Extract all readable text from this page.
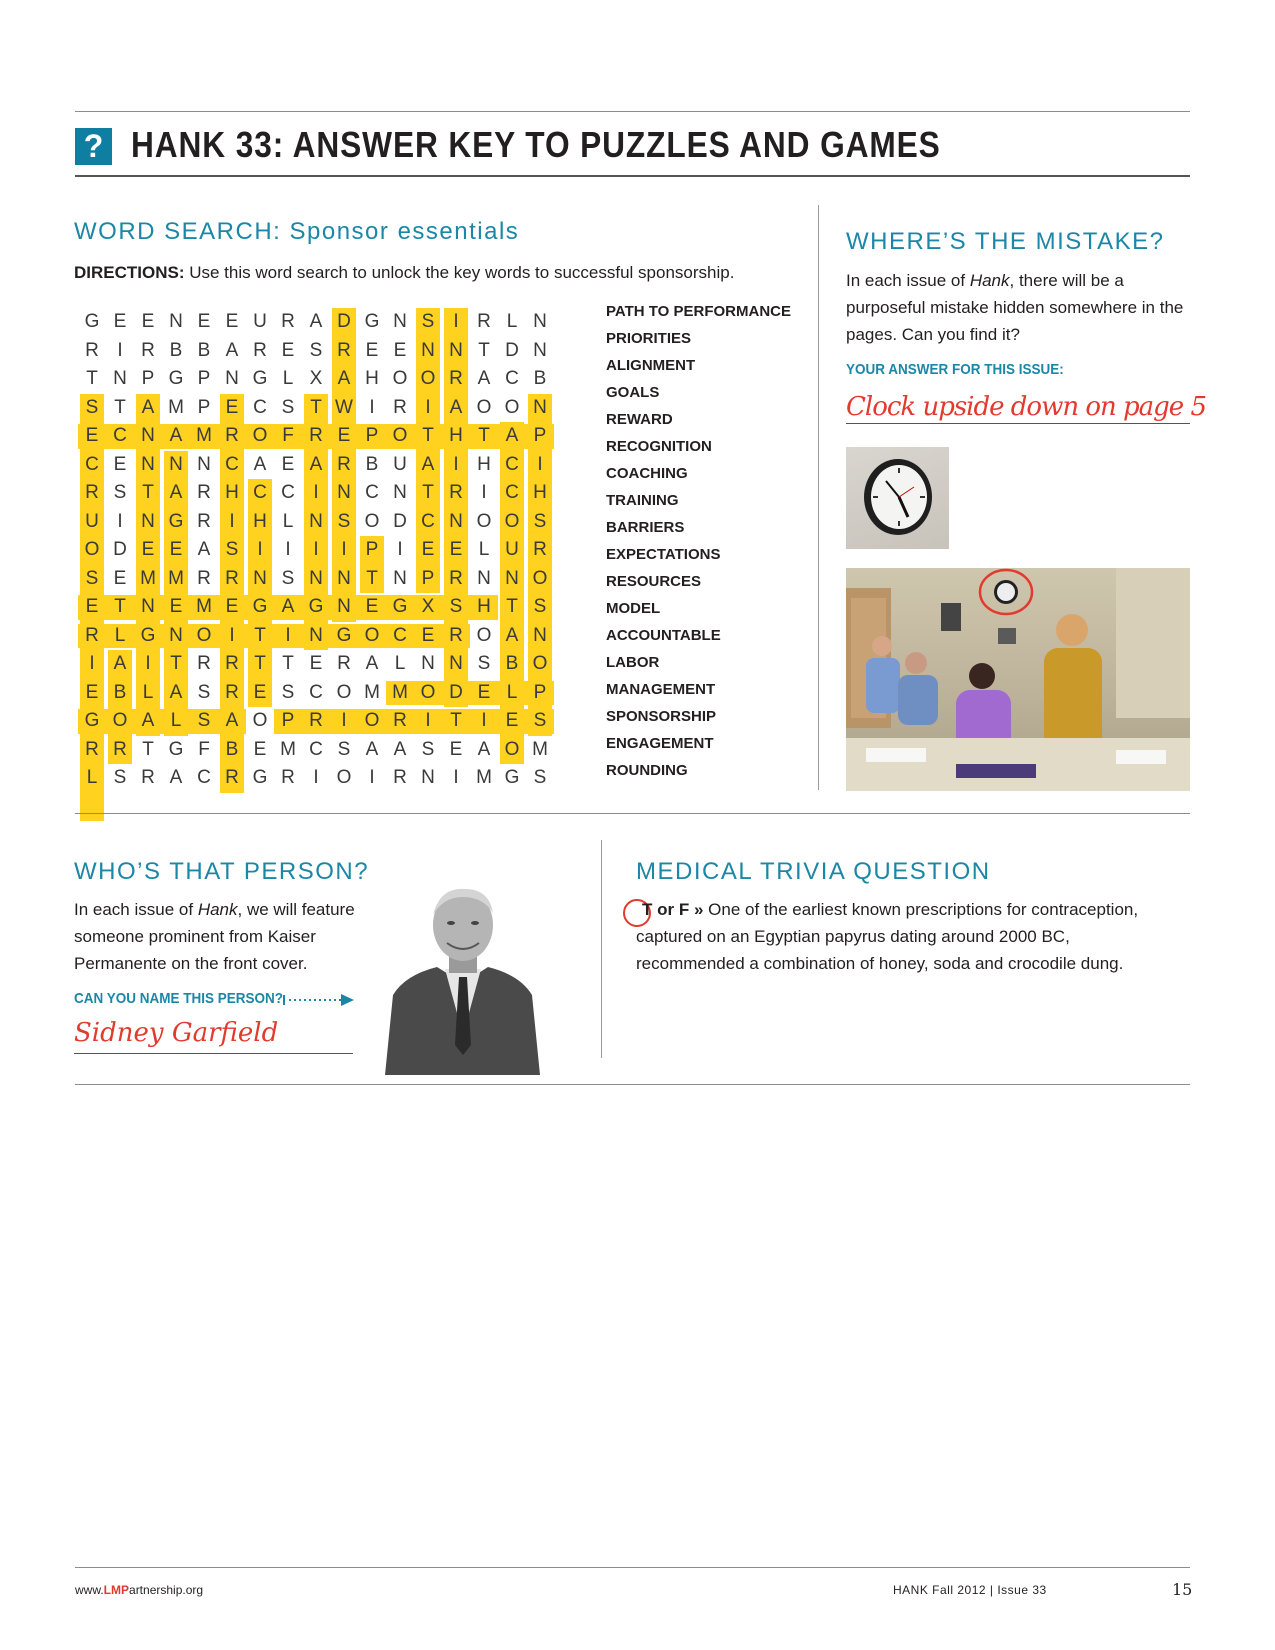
? HANK 33: ANSWER KEY TO PUZZLES AND GAMES
WORD SEARCH: Sponsor essentials
DIRECTIONS: Use this word search to unlock the key words to successful sponsorship.
G E E N E E U R A D G N S	I R L N
R I R B B A R E S R E E N N T D N
T N P G P N G L X A H O O R A C B
S T A M P E C S T W I R I	A O O N
E C N A M R O F R E P O T H T A P
C E N N N C A E A R B U A	I H C I
R S T A R H C C I N C N T R I C H
U I N G R I H L N S O D C N O O S
O D E E A S	I	I	I	I	P	I	E E L U R
S E M M R R N S N N T N P R N N O
E T N E M E G A G N E G X S H T S
R L G N O I	T	I N G O C E R O A N
I	A	I	T R R T T E R A L N N S B O
E B L A S R E S C O M M O D E L P
G O A L S A O P R I O R I	T	I	E S
R R T G F B E M C S A A S E A O M
L S R A C R G R I O I R N I M G S
PATH TO PERFORMANCE
PRIORITIES
ALIGNMENT
GOALS
REWARD
RECOGNITION
COACHING
TRAINING
BARRIERS
EXPECTATIONS
RESOURCES
MODEL
ACCOUNTABLE
LABOR
MANAGEMENT
SPONSORSHIP
ENGAGEMENT
ROUNDING
WHERE’S THE MISTAKE?
In each issue of Hank, there will be a purposeful mistake hidden somewhere in the pages. Can you find it?
YOUR ANSWER FOR THIS ISSUE:
Clock upside down on page 5
WHO’S THAT PERSON?
In each issue of Hank, we will feature someone prominent from Kaiser Permanente on the front cover.
CAN YOU NAME THIS PERSON?
Sidney Garfield
MEDICAL TRIVIA QUESTION
T or F » One of the earliest known prescriptions for contraception, captured on an Egyptian papyrus dating around 2000 BC, recommended a combination of honey, soda and crocodile dung.
www.LMPartnership.org	HANK Fall 2012 | Issue 33	15
